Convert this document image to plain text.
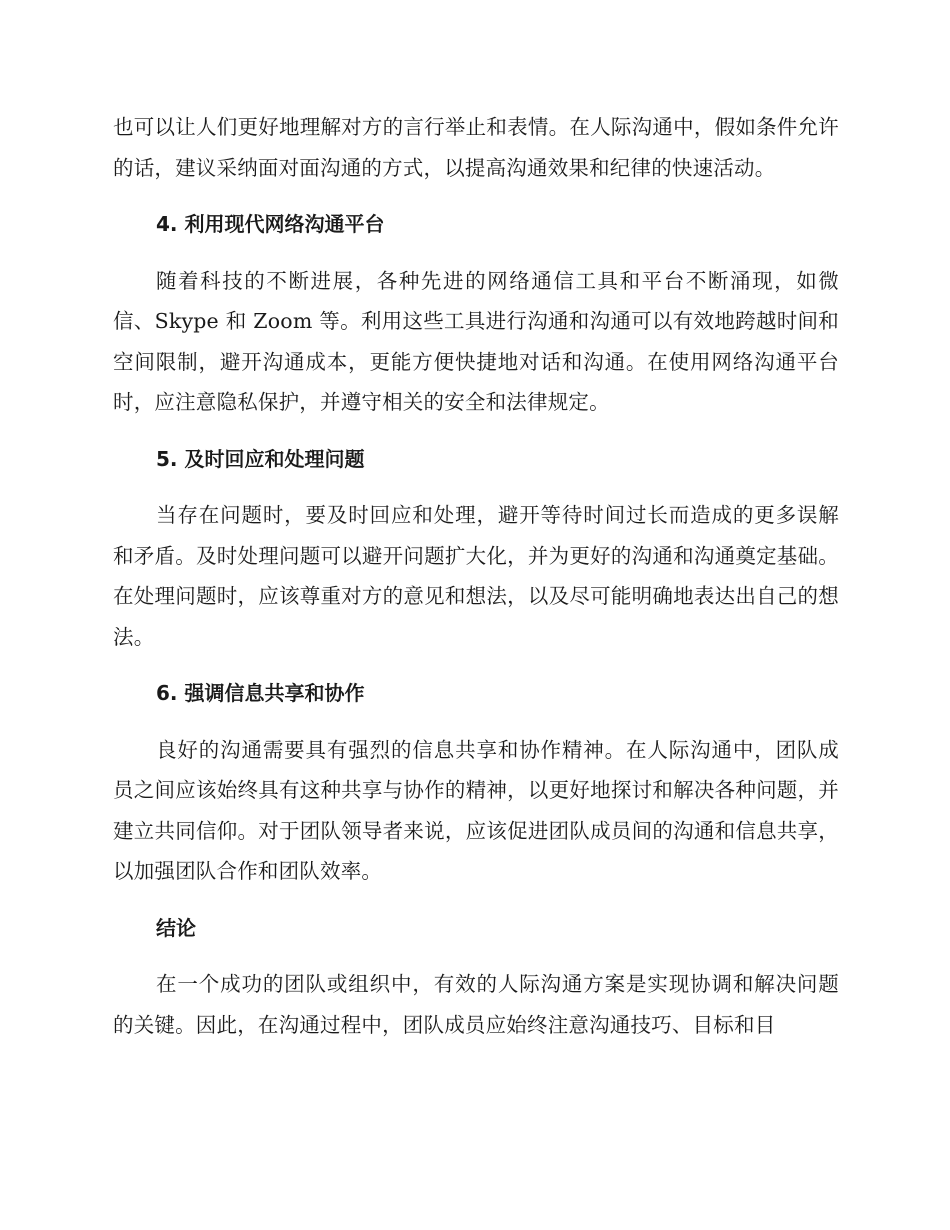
也可以让人们更好地理解对方的言行举止和表情。在人际沟通中，假如条件允许的话，建议采纳面对面沟通的方式，以提高沟通效果和纪律的快速活动。

4. 利用现代网络沟通平台

随着科技的不断进展，各种先进的网络通信工具和平台不断涌现，如微信、Skype 和 Zoom 等。利用这些工具进行沟通和沟通可以有效地跨越时间和空间限制，避开沟通成本，更能方便快捷地对话和沟通。在使用网络沟通平台时，应注意隐私保护，并遵守相关的安全和法律规定。

5. 及时回应和处理问题

当存在问题时，要及时回应和处理，避开等待时间过长而造成的更多误解和矛盾。及时处理问题可以避开问题扩大化，并为更好的沟通和沟通奠定基础。在处理问题时，应该尊重对方的意见和想法，以及尽可能明确地表达出自己的想法。

6. 强调信息共享和协作

良好的沟通需要具有强烈的信息共享和协作精神。在人际沟通中，团队成员之间应该始终具有这种共享与协作的精神，以更好地探讨和解决各种问题，并建立共同信仰。对于团队领导者来说，应该促进团队成员间的沟通和信息共享，以加强团队合作和团队效率。

结论

在一个成功的团队或组织中，有效的人际沟通方案是实现协调和解决问题的关键。因此，在沟通过程中，团队成员应始终注意沟通技巧、目标和目
